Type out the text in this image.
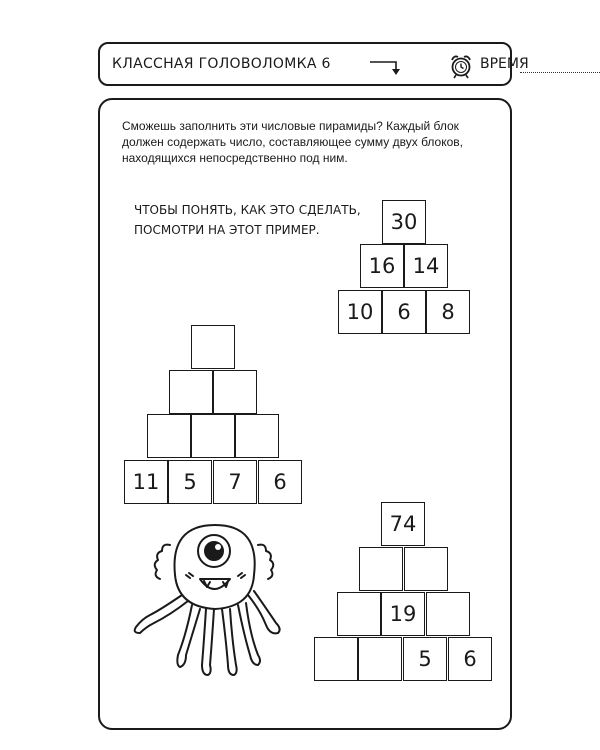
КЛАССНАЯ ГОЛОВОЛОМКА 6	ВРЕМЯ
Сможешь заполнить эти числовые пирамиды? Каждый блок должен содержать число, составляющее сумму двух блоков, находящихся непосредственно под ним.
ЧТОБЫ ПОНЯТЬ, КАК ЭТО СДЕЛАТЬ,
ПОСМОТРИ НА ЭТОТ ПРИМЕР.	30
16 14
10	6	8
11	5	7	6
74
19
5	6
